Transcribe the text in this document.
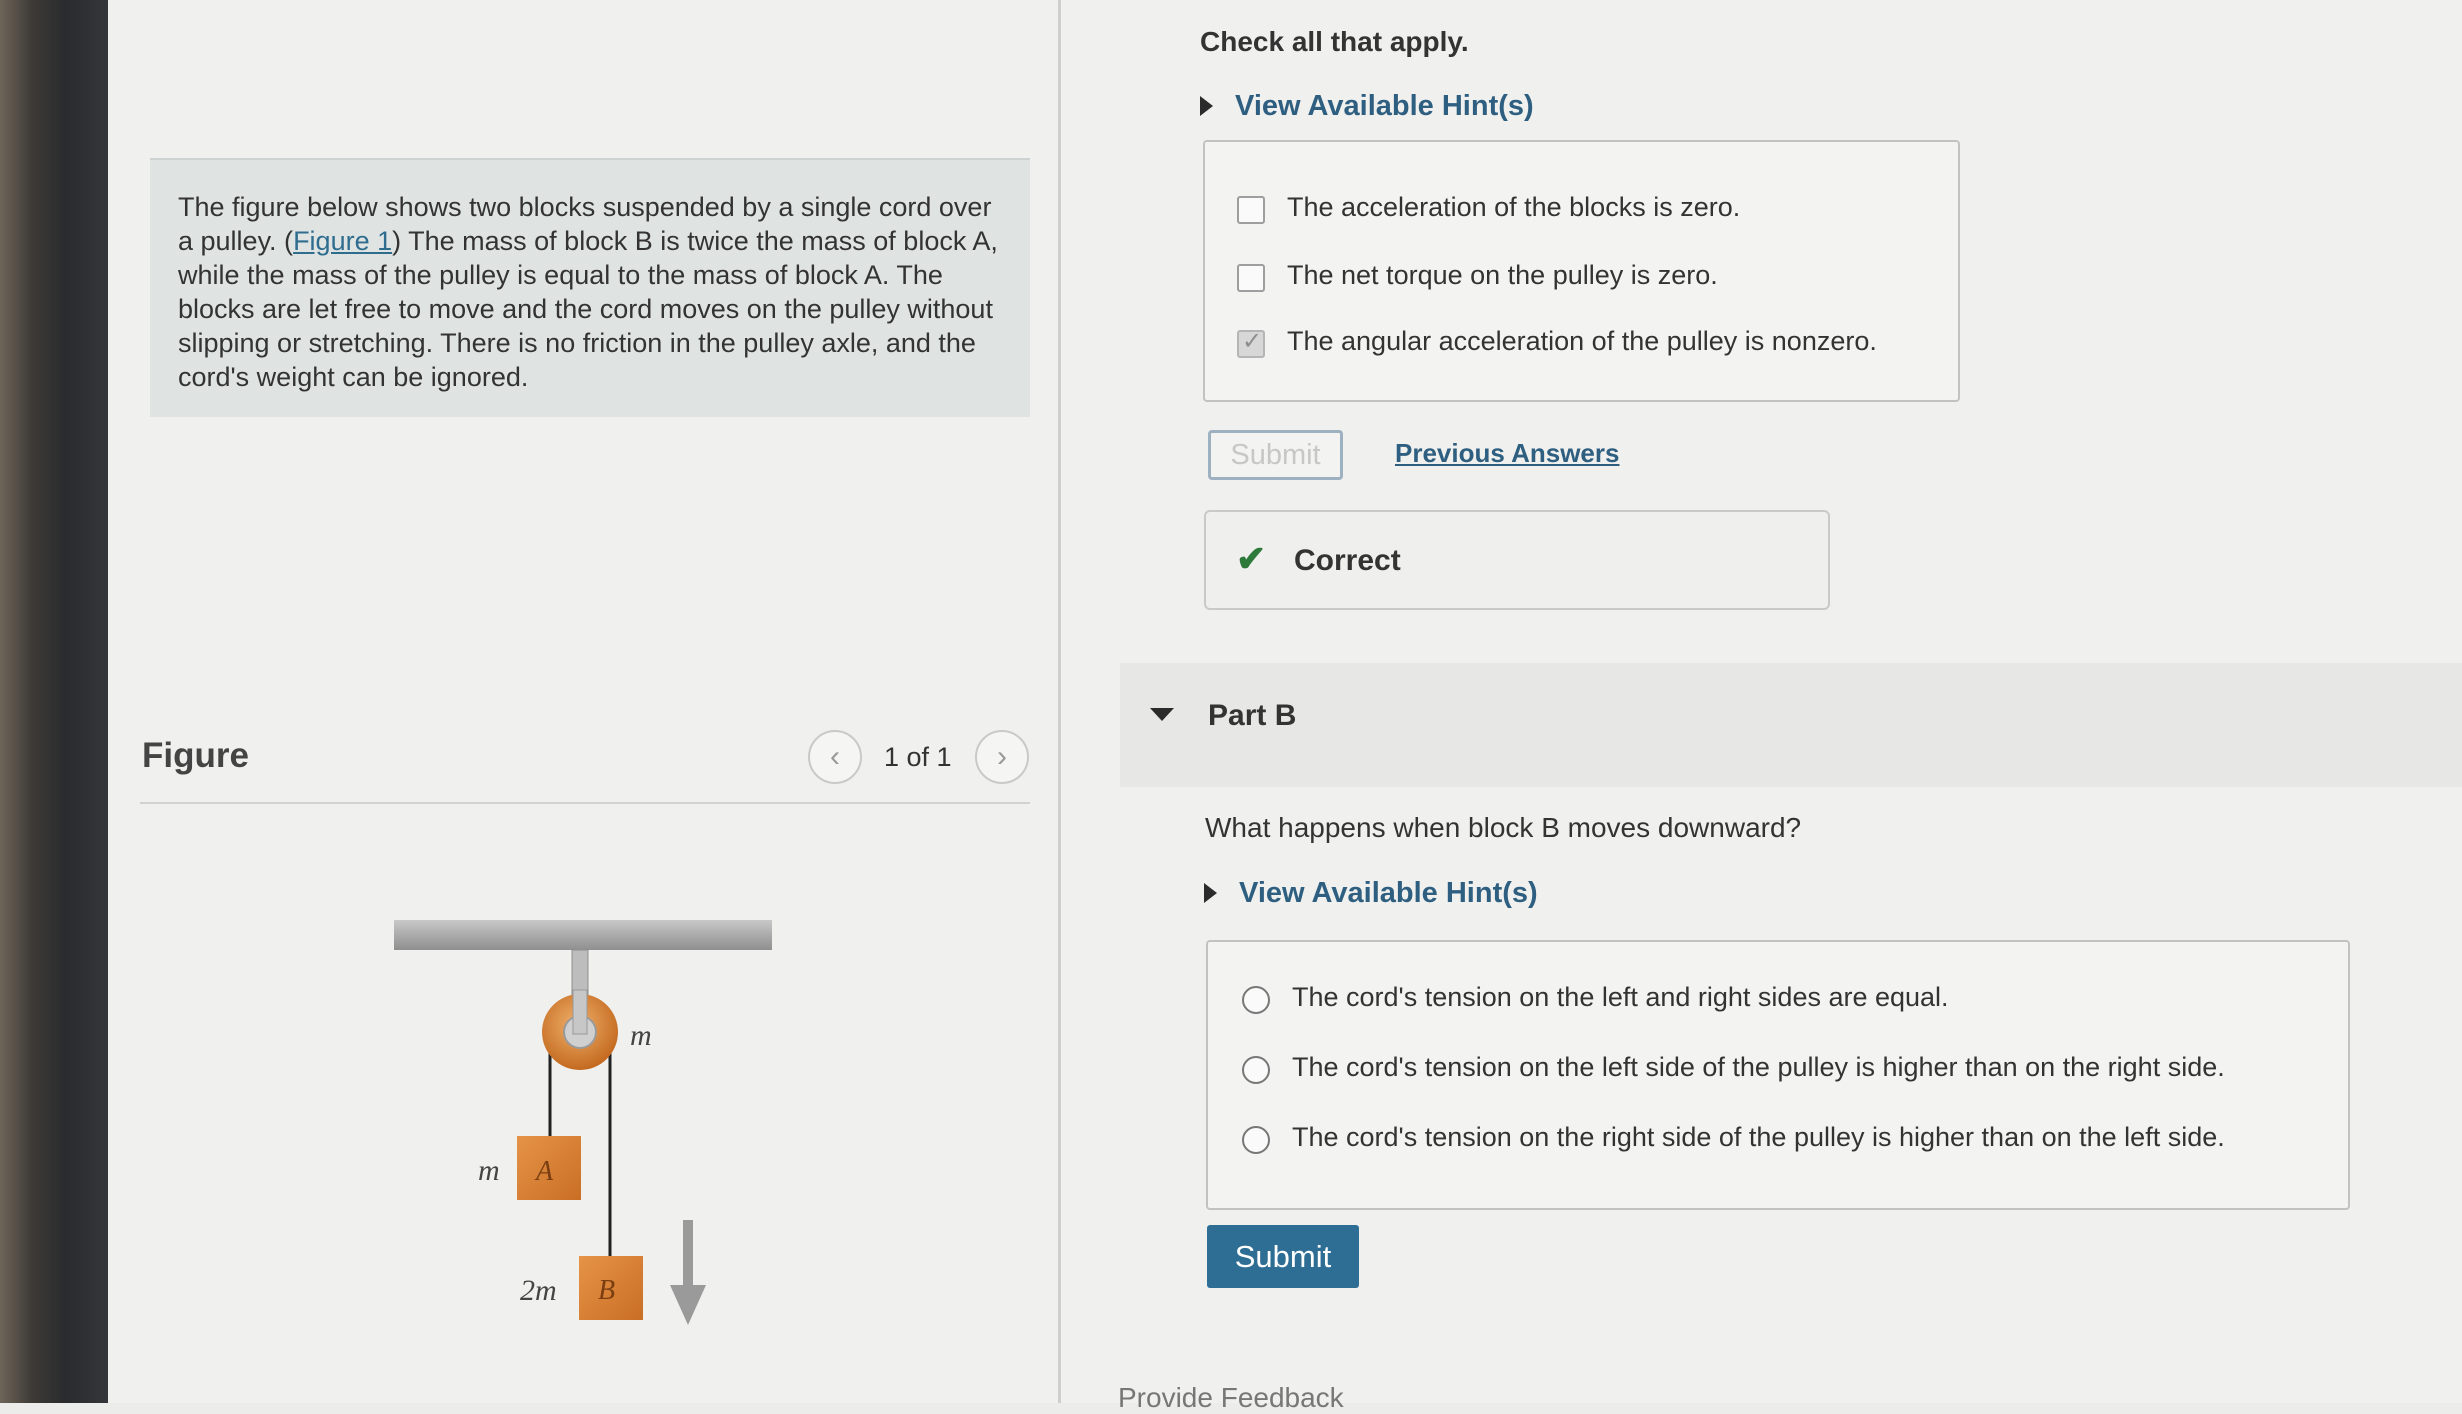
The figure below shows two blocks suspended by a single cord over a pulley. (Figure 1) The mass of block B is twice the mass of block A, while the mass of the pulley is equal to the mass of block A. The blocks are let free to move and the cord moves on the pulley without slipping or stretching. There is no friction in the pulley axle, and the cord's weight can be ignored.
Figure	‹ 1 of 1 ›
m
A
m
B
2m
Check all that apply.
View Available Hint(s)
The acceleration of the blocks is zero.
The net torque on the pulley is zero.
✓
The angular acceleration of the pulley is nonzero.
Submit	Previous Answers
✔ Correct
Part B
What happens when block B moves downward?
View Available Hint(s)
The cord's tension on the left and right sides are equal.
The cord's tension on the left side of the pulley is higher than on the right side.
The cord's tension on the right side of the pulley is higher than on the left side.
Submit
Provide Feedback
